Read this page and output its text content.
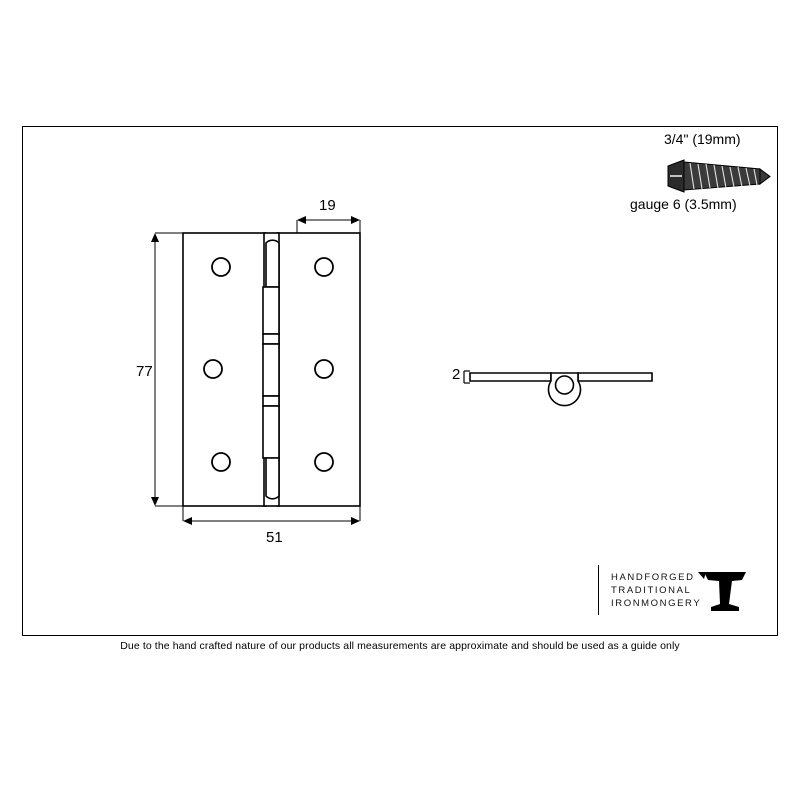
77
51
19
2
3/4" (19mm)
gauge 6 (3.5mm)
HANDFORGED
TRADITIONAL
IRONMONGERY
Due to the hand crafted nature of our products all measurements are approximate and should be used as a guide only
